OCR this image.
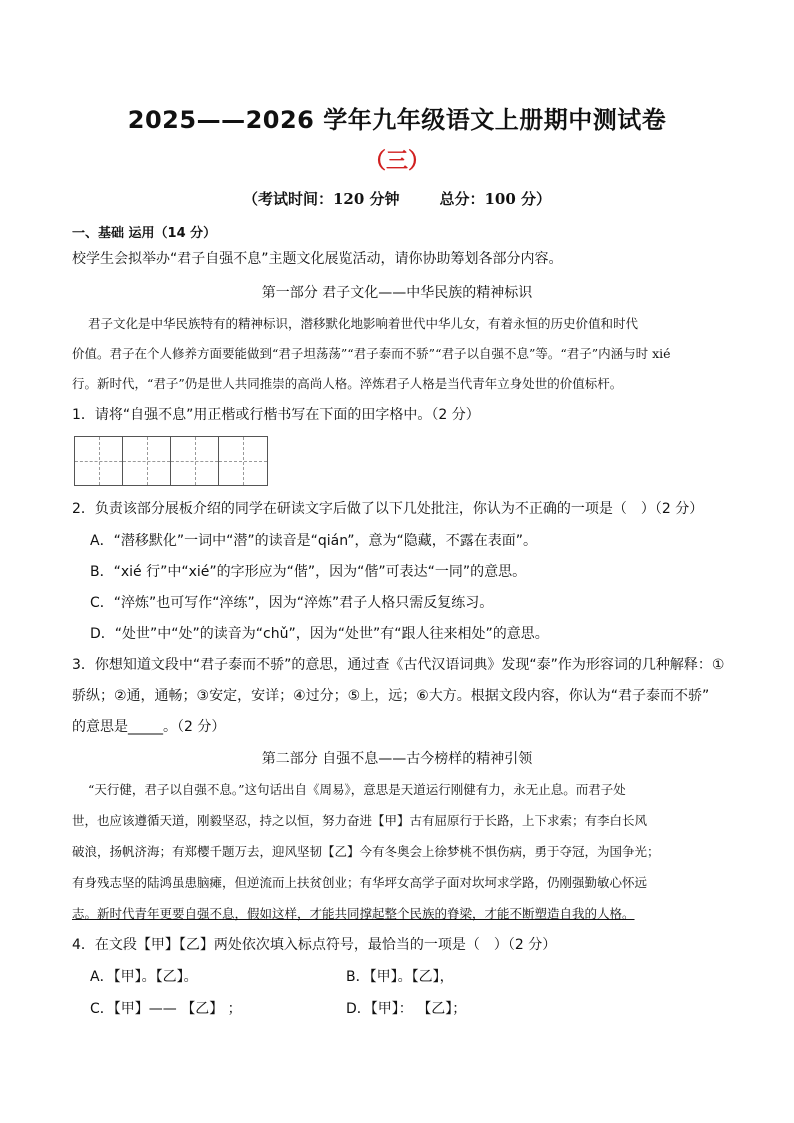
2025——2026 学年九年级语文上册期中测试卷
（三）
（考试时间：120 分钟	总分：100 分）
一、基础 运用（14 分）
校学生会拟举办“君子自强不息”主题文化展览活动，请你协助筹划各部分内容。
第一部分 君子文化——中华民族的精神标识
君子文化是中华民族特有的精神标识，潜移默化地影响着世代中华儿女，有着永恒的历史价值和时代
价值。君子在个人修养方面要能做到“君子坦荡荡”“君子泰而不骄”“君子以自强不息”等。“君子”内涵与时 xié
行。新时代，“君子”仍是世人共同推崇的高尚人格。淬炼君子人格是当代青年立身处世的价值标杆。
1．请将“自强不息”用正楷或行楷书写在下面的田字格中。（2 分）
2．负责该部分展板介绍的同学在研读文字后做了以下几处批注，你认为不正确的一项是（　）（2 分）
A．“潜移默化”一词中“潜”的读音是“qián”，意为“隐藏，不露在表面”。
B．“xié 行”中“xié”的字形应为“偕”，因为“偕”可表达“一同”的意思。
C．“淬炼”也可写作“淬练”，因为“淬炼”君子人格只需反复练习。
D．“处世”中“处”的读音为“chǔ”，因为“处世”有“跟人往来相处”的意思。
3．你想知道文段中“君子泰而不骄”的意思，通过查《古代汉语词典》发现“泰”作为形容词的几种解释：①
骄纵；②通，通畅；③安定，安详；④过分；⑤上，远；⑥大方。根据文段内容，你认为“君子泰而不骄”
的意思是_____。（2 分）
第二部分 自强不息——古今榜样的精神引领
“天行健，君子以自强不息。”这句话出自《周易》，意思是天道运行刚健有力，永无止息。而君子处
世，也应该遵循天道，刚毅坚忍，持之以恒，努力奋进【甲】古有屈原行于长路，上下求索；有李白长风
破浪，扬帆济海；有郑樱千题万去，迎风坚韧【乙】今有冬奥会上徐梦桃不惧伤病，勇于夺冠，为国争光；
有身残志坚的陆鸿虽患脑瘫，但逆流而上扶贫创业；有华坪女高学子面对坎坷求学路，仍刚强勤敏心怀远
志。新时代青年更要自强不息，假如这样，才能共同撑起整个民族的脊梁，才能不断塑造自我的人格。
4．在文段【甲】【乙】两处依次填入标点符号，最恰当的一项是（　）（2 分）
A．【甲】。【乙】。	B．【甲】。【乙】，
C．【甲】—— 【乙】 ；	D．【甲】： 【乙】；
